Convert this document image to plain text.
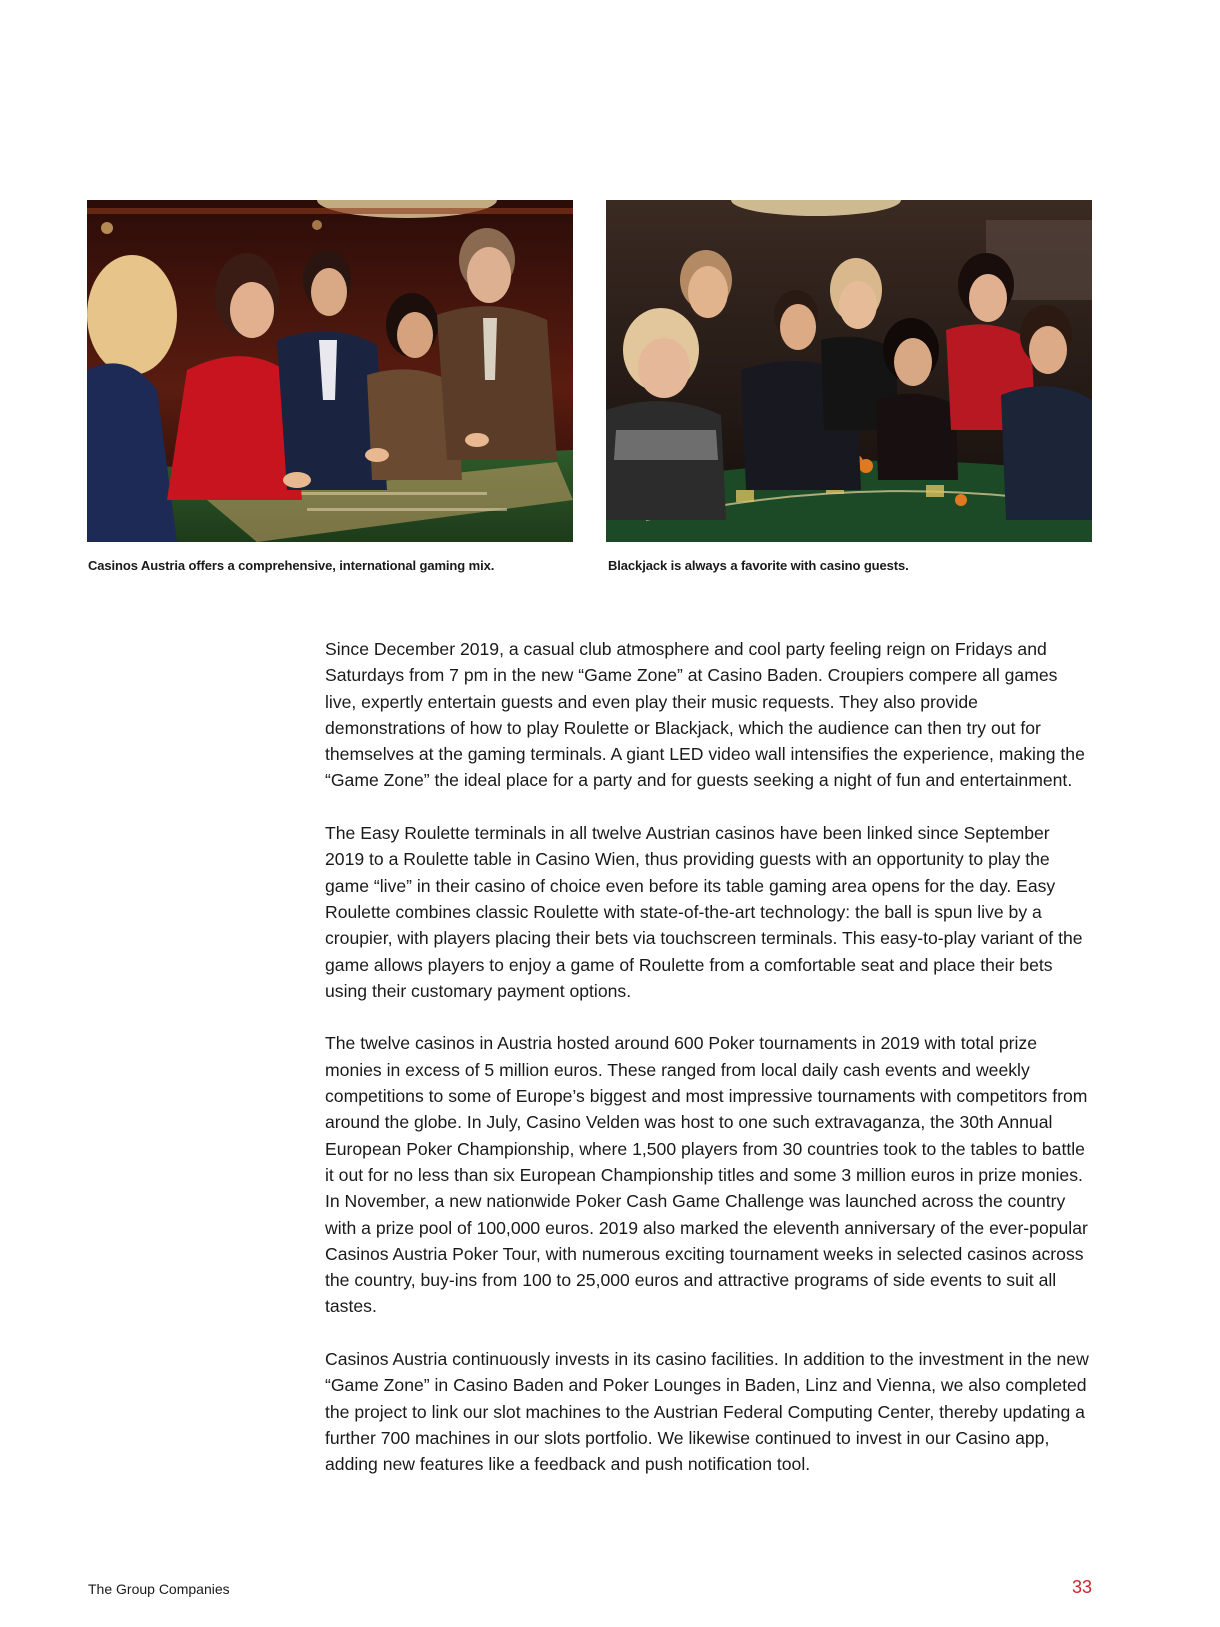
Casinos Austria offers a comprehensive, international gaming mix.	Blackjack is always a favorite with casino guests.

Since December 2019, a casual club atmosphere and cool party feeling reign on Fridays and Saturdays from 7 pm in the new “Game Zone” at Casino Baden. Croupiers compere all games live, expertly entertain guests and even play their music requests. They also provide demonstrations of how to play Roulette or Blackjack, which the audience can then try out for themselves at the gaming terminals. A giant LED video wall intensifies the experience, making the “Game Zone” the ideal place for a party and for guests seeking a night of fun and entertainment.

The Easy Roulette terminals in all twelve Austrian casinos have been linked since September 2019 to a Roulette table in Casino Wien, thus providing guests with an opportunity to play the game “live” in their casino of choice even before its table gaming area opens for the day. Easy Roulette combines classic Roulette with state-of-the-art technology: the ball is spun live by a croupier, with players placing their bets via touchscreen terminals. This easy-to-play variant of the game allows players to enjoy a game of Roulette from a comfortable seat and place their bets using their customary payment options.

The twelve casinos in Austria hosted around 600 Poker tournaments in 2019 with total prize monies in excess of 5 million euros. These ranged from local daily cash events and weekly competitions to some of Europe’s biggest and most impressive tournaments with competitors from around the globe. In July, Casino Velden was host to one such extravaganza, the 30th Annual European Poker Championship, where 1,500 players from 30 countries took to the tables to battle it out for no less than six European Championship titles and some 3 million euros in prize monies. In November, a new nationwide Poker Cash Game Challenge was launched across the country with a prize pool of 100,000 euros. 2019 also marked the eleventh anniversary of the ever-popular Casinos Austria Poker Tour, with numerous exciting tournament weeks in selected casinos across the country, buy-ins from 100 to 25,000 euros and attractive programs of side events to suit all tastes.

Casinos Austria continuously invests in its casino facilities. In addition to the investment in the new “Game Zone” in Casino Baden and Poker Lounges in Baden, Linz and Vienna, we also completed the project to link our slot machines to the Austrian Federal Computing Center, thereby updating a further 700 machines in our slots portfolio. We likewise continued to invest in our Casino app, adding new features like a feedback and push notification tool.

The Group Companies	33
